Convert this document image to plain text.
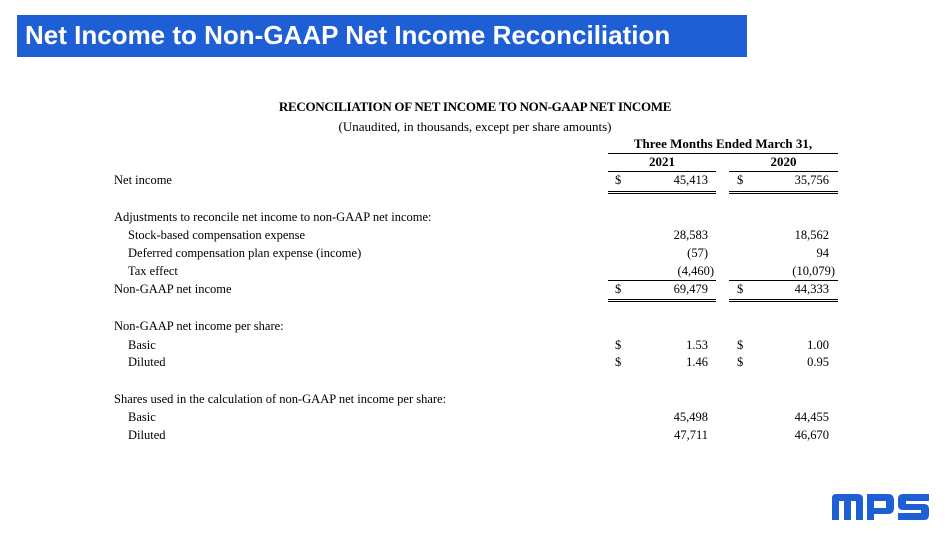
Net Income to Non-GAAP Net Income Reconciliation
RECONCILIATION OF NET INCOME TO NON-GAAP NET INCOME
(Unaudited, in thousands, except per share amounts)
Three Months Ended March 31,
2021	2020
Net income	$	45,413 $	35,756
Adjustments to reconcile net income to non-GAAP net income:
Stock-based compensation expense	28,583	18,562
Deferred compensation plan expense (income)	(57)	94
Tax effect	(4,460)	(10,079)
Non-GAAP net income	$	69,479 $	44,333
Non-GAAP net income per share:
Basic	$	1.53 $	1.00
Diluted	$	1.46 $	0.95
Shares used in the calculation of non-GAAP net income per share:
Basic	45,498	44,455
Diluted	47,711	46,670
